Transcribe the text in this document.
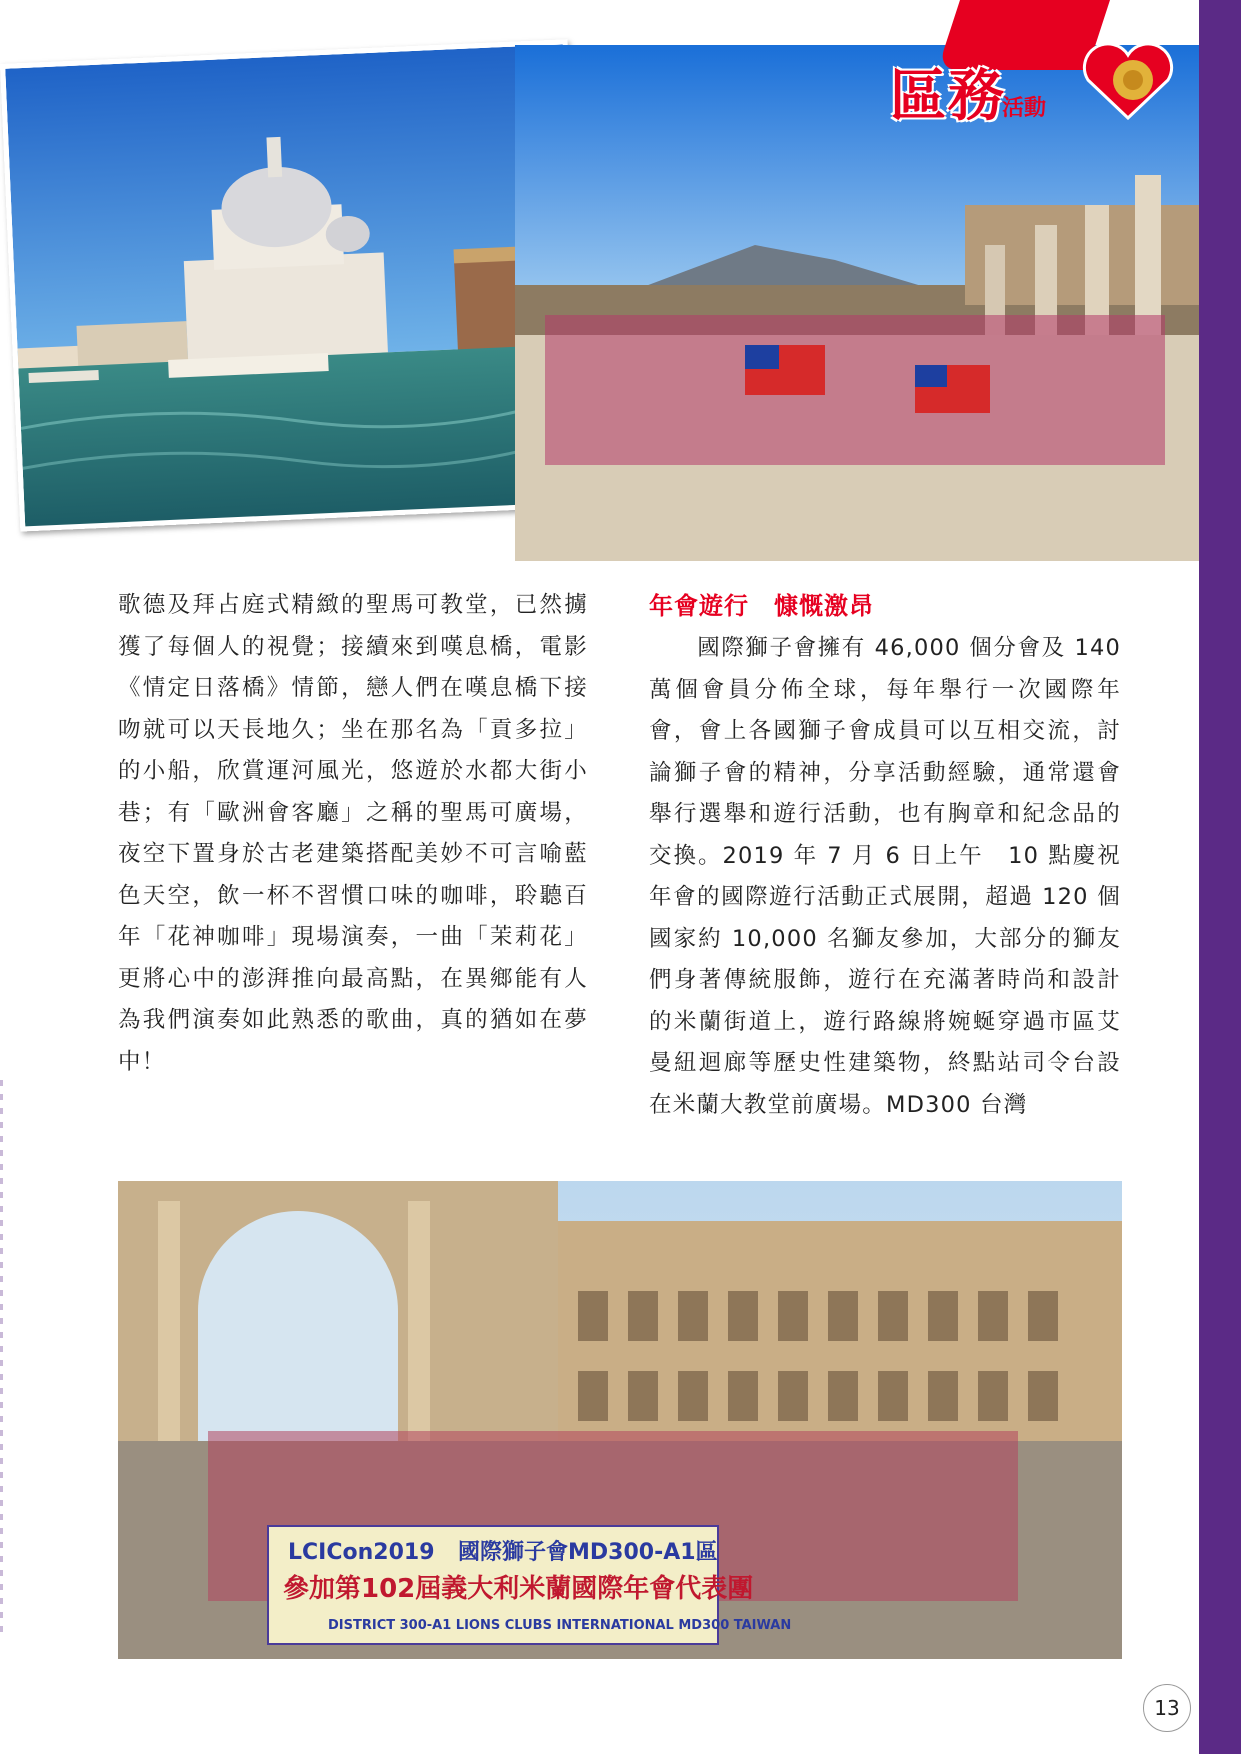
區務活動
歌德及拜占庭式精緻的聖馬可教堂，已然擄獲了每個人的視覺；接續來到嘆息橋，電影《情定日落橋》情節，戀人們在嘆息橋下接吻就可以天長地久；坐在那名為「貢多拉」的小船，欣賞運河風光，悠遊於水都大街小巷；有「歐洲會客廳」之稱的聖馬可廣場，夜空下置身於古老建築搭配美妙不可言喻藍色天空，飲一杯不習慣口味的咖啡，聆聽百年「花神咖啡」現場演奏，一曲「茉莉花」更將心中的澎湃推向最高點，在異鄉能有人為我們演奏如此熟悉的歌曲，真的猶如在夢中！
年會遊行　慷慨激昂
　　國際獅子會擁有 46,000 個分會及 140 萬個會員分佈全球，每年舉行一次國際年會，會上各國獅子會成員可以互相交流，討論獅子會的精神，分享活動經驗，通常還會舉行選舉和遊行活動，也有胸章和紀念品的交換。2019 年 7 月 6 日上午　10 點慶祝年會的國際遊行活動正式展開，超過 120 個國家約 10,000 名獅友參加，大部分的獅友們身著傳統服飾，遊行在充滿著時尚和設計的米蘭街道上，遊行路線將婉蜒穿過市區艾曼紐迴廊等歷史性建築物，終點站司令台設在米蘭大教堂前廣場。MD300 台灣
LCICon2019 國際獅子會MD300-A1區
參加第102屆義大利米蘭國際年會代表團
DISTRICT 300-A1 LIONS CLUBS INTERNATIONAL MD300 TAIWAN
13
